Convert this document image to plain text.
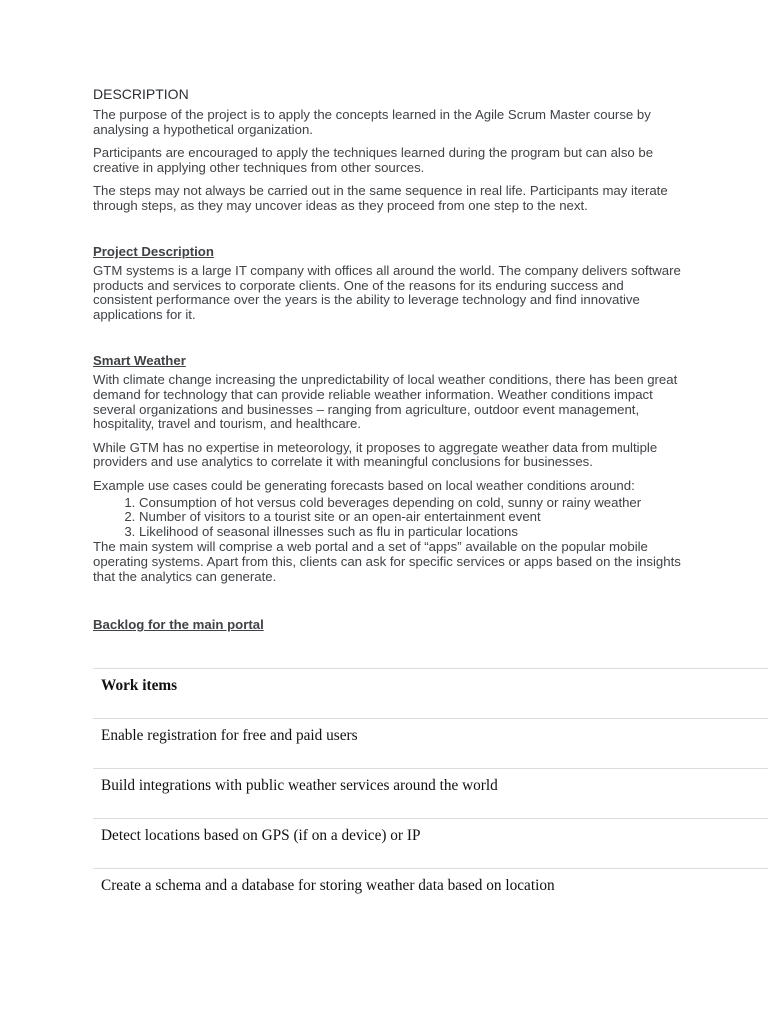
DESCRIPTION

The purpose of the project is to apply the concepts learned in the Agile Scrum Master course by analysing a hypothetical organization.

Participants are encouraged to apply the techniques learned during the program but can also be creative in applying other techniques from other sources.

The steps may not always be carried out in the same sequence in real life. Participants may iterate through steps, as they may uncover ideas as they proceed from one step to the next.

Project Description

GTM systems is a large IT company with offices all around the world. The company delivers software products and services to corporate clients. One of the reasons for its enduring success and consistent performance over the years is the ability to leverage technology and find innovative applications for it.

Smart Weather

With climate change increasing the unpredictability of local weather conditions, there has been great demand for technology that can provide reliable weather information. Weather conditions impact several organizations and businesses – ranging from agriculture, outdoor event management, hospitality, travel and tourism, and healthcare.

While GTM has no expertise in meteorology, it proposes to aggregate weather data from multiple providers and use analytics to correlate it with meaningful conclusions for businesses.

Example use cases could be generating forecasts based on local weather conditions around:

1. Consumption of hot versus cold beverages depending on cold, sunny or rainy weather
2. Number of visitors to a tourist site or an open-air entertainment event
3. Likelihood of seasonal illnesses such as flu in particular locations

The main system will comprise a web portal and a set of “apps” available on the popular mobile operating systems. Apart from this, clients can ask for specific services or apps based on the insights that the analytics can generate.

Backlog for the main portal
Work items
Enable registration for free and paid users
Build integrations with public weather services around the world
Detect locations based on GPS (if on a device) or IP
Create a schema and a database for storing weather data based on location
